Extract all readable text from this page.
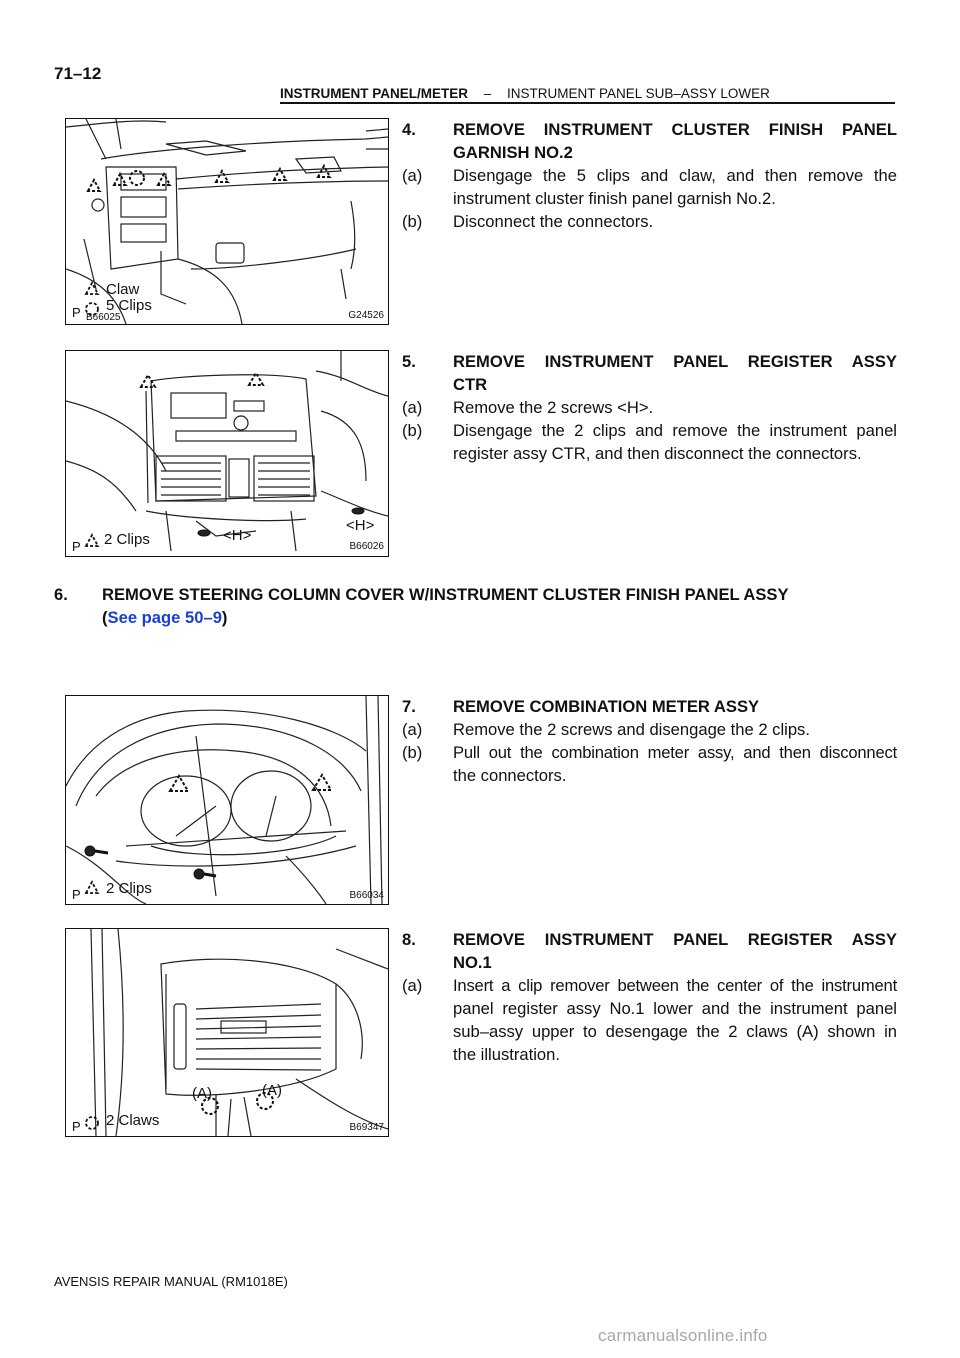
71–12
INSTRUMENT PANEL/METER – INSTRUMENT PANEL SUB–ASSY LOWER
Claw
5 Clips
P B66025	G24526
2 Clips	<H>
<H>
P	B66026
2 Clips
P	B66034
2 Claws
(A)	(A)
P	B69347
4. REMOVE INSTRUMENT CLUSTER FINISH PANEL
GARNISH NO.2
(a) Disengage the 5 clips and claw, and then remove the
instrument cluster finish panel garnish No.2.
(b) Disconnect the connectors.
5. REMOVE INSTRUMENT PANEL REGISTER ASSY
CTR
(a) Remove the 2 screws <H>.
(b) Disengage the 2 clips and remove the instrument panel
register assy CTR, and then disconnect the connectors.
6. REMOVE STEERING COLUMN COVER W/INSTRUMENT CLUSTER FINISH PANEL ASSY
(See page 50–9)
7. REMOVE COMBINATION METER ASSY
(a) Remove the 2 screws and disengage the 2 clips.
(b) Pull out the combination meter assy, and then disconnect
the connectors.
8. REMOVE INSTRUMENT PANEL REGISTER ASSY
NO.1
(a) Insert a clip remover between the center of the instrument
panel register assy No.1 lower and the instrument panel
sub–assy upper to desengage the 2 claws (A) shown in
the illustration.
AVENSIS REPAIR MANUAL (RM1018E)
carmanualsonline.info
